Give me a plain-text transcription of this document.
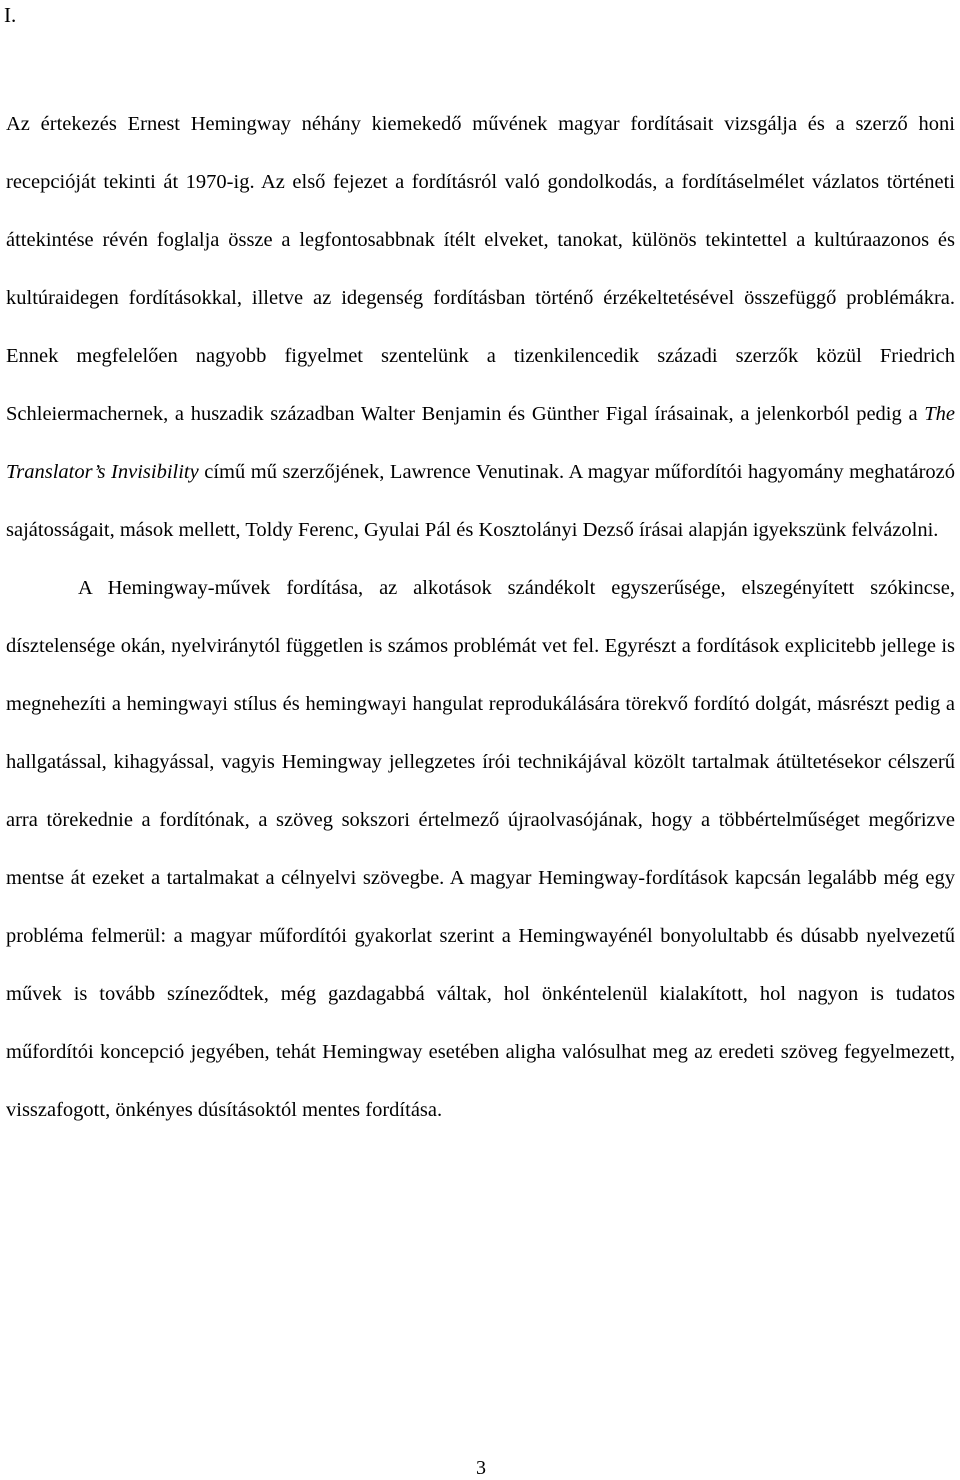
I.

Az értekezés Ernest Hemingway néhány kiemekedő művének magyar fordításait vizsgálja és a szerző honi recepcióját tekinti át 1970-ig. Az első fejezet a fordításról való gondolkodás, a fordításelmélet vázlatos történeti áttekintése révén foglalja össze a legfontosabbnak ítélt elveket, tanokat, különös tekintettel a kultúraazonos és kultúraidegen fordításokkal, illetve az idegenség fordításban történő érzékeltetésével összefüggő problémákra. Ennek megfelelően nagyobb figyelmet szentelünk a tizenkilencedik századi szerzők közül Friedrich Schleiermachernek, a huszadik században Walter Benjamin és Günther Figal írásainak, a jelenkorból pedig a The Translator’s Invisibility című mű szerzőjének, Lawrence Venutinak. A magyar műfordítói hagyomány meghatározó sajátosságait, mások mellett, Toldy Ferenc, Gyulai Pál és Kosztolányi Dezső írásai alapján igyekszünk felvázolni.

A Hemingway-művek fordítása, az alkotások szándékolt egyszerűsége, elszegényített szókincse, dísztelensége okán, nyelviránytól független is számos problémát vet fel. Egyrészt a fordítások explicitebb jellege is megnehezíti a hemingwayi stílus és hemingwayi hangulat reprodukálására törekvő fordító dolgát, másrészt pedig a hallgatással, kihagyással, vagyis Hemingway jellegzetes írói technikájával közölt tartalmak átültetésekor célszerű arra törekednie a fordítónak, a szöveg sokszori értelmező újraolvasójának, hogy a többértelműséget megőrizve mentse át ezeket a tartalmakat a célnyelvi szövegbe. A magyar Hemingway-fordítások kapcsán legalább még egy probléma felmerül: a magyar műfordítói gyakorlat szerint a Hemingwayénél bonyolultabb és dúsabb nyelvezetű művek is tovább színeződtek, még gazdagabbá váltak, hol önkéntelenül kialakított, hol nagyon is tudatos műfordítói koncepció jegyében, tehát Hemingway esetében aligha valósulhat meg az eredeti szöveg fegyelmezett, visszafogott, önkényes dúsításoktól mentes fordítása.

3
